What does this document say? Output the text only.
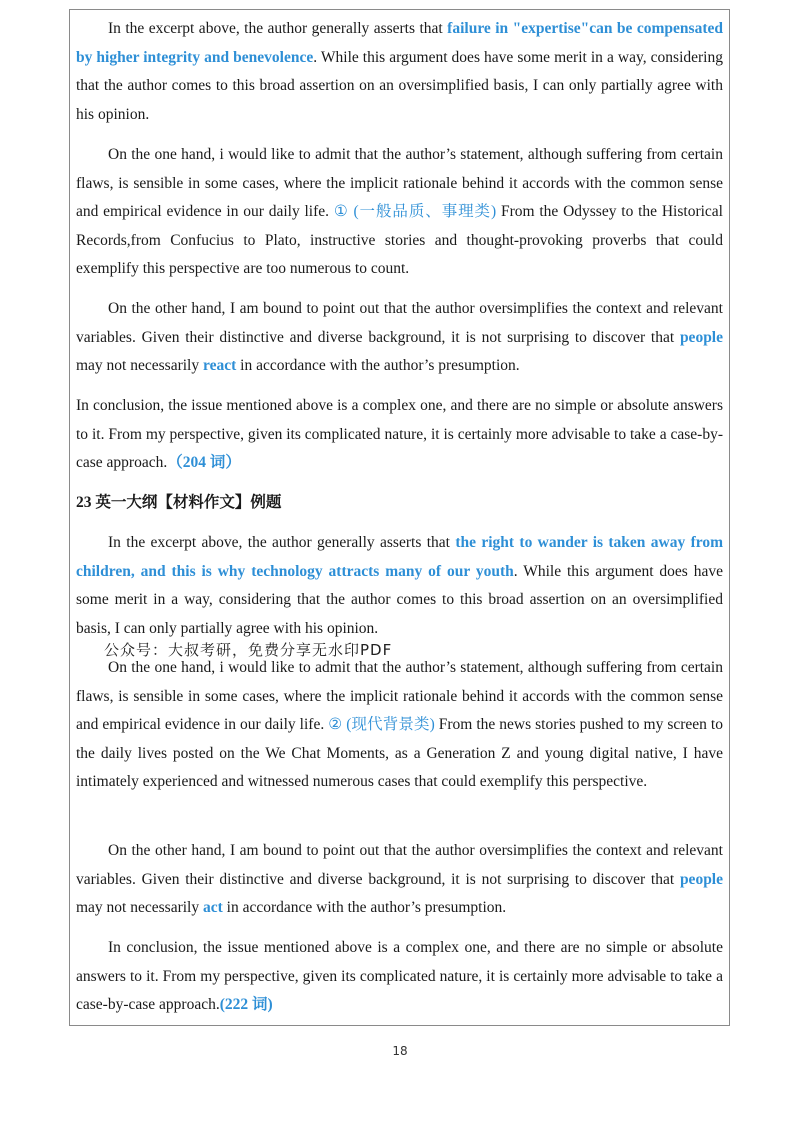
In the excerpt above, the author generally asserts that failure in "expertise"can be compensated by higher integrity and benevolence. While this argument does have some merit in a way, considering that the author comes to this broad assertion on an oversimplified basis, I can only partially agree with his opinion.

On the one hand, i would like to admit that the author’s statement, although suffering from certain flaws, is sensible in some cases, where the implicit rationale behind it accords with the common sense and empirical evidence in our daily life. ① (一般品质、事理类) From the Odyssey to the Historical Records,from Confucius to Plato, instructive stories and thought-provoking proverbs that could exemplify this perspective are too numerous to count.

On the other hand, I am bound to point out that the author oversimplifies the context and relevant variables. Given their distinctive and diverse background, it is not surprising to discover that people may not necessarily react in accordance with the author’s presumption.

In conclusion, the issue mentioned above is a complex one, and there are no simple or absolute answers to it. From my perspective, given its complicated nature, it is certainly more advisable to take a case-by-case approach.（204 词）

23 英一大纲【材料作文】例题

In the excerpt above, the author generally asserts that the right to wander is taken away from children, and this is why technology attracts many of our youth. While this argument does have some merit in a way, considering that the author comes to this broad assertion on an oversimplified basis, I can only partially agree with his opinion.

公众号：大叔考研，免费分享无水印PDF

On the one hand, i would like to admit that the author’s statement, although suffering from certain flaws, is sensible in some cases, where the implicit rationale behind it accords with the common sense and empirical evidence in our daily life. ② (现代背景类) From the news stories pushed to my screen to the daily lives posted on the We Chat Moments, as a Generation Z and young digital native, I have intimately experienced and witnessed numerous cases that could exemplify this perspective.

On the other hand, I am bound to point out that the author oversimplifies the context and relevant variables. Given their distinctive and diverse background, it is not surprising to discover that people may not necessarily act in accordance with the author’s presumption.

In conclusion, the issue mentioned above is a complex one, and there are no simple or absolute answers to it. From my perspective, given its complicated nature, it is certainly more advisable to take a case-by-case approach.(222 词)

18
